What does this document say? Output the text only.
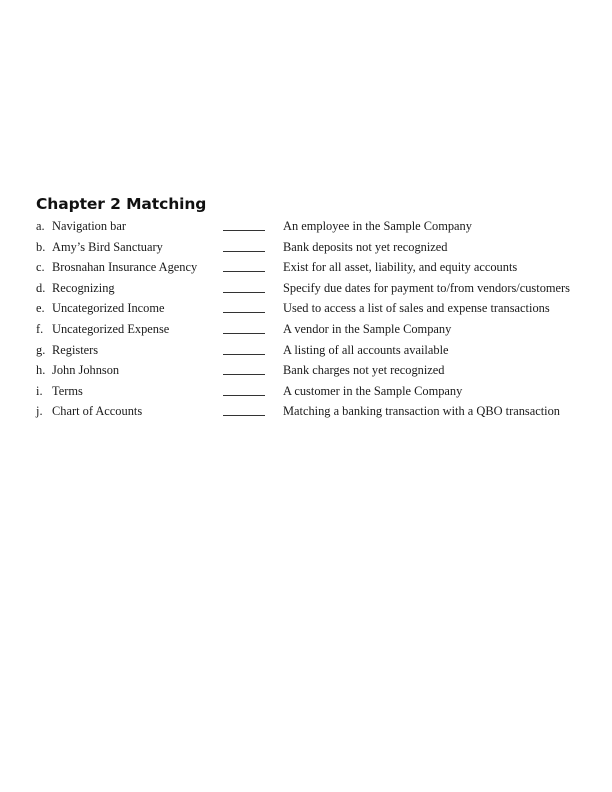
Chapter 2 Matching
a. Navigation bar	An employee in the Sample Company
b. Amy’s Bird Sanctuary	Bank deposits not yet recognized
c. Brosnahan Insurance Agency	Exist for all asset, liability, and equity accounts
d. Recognizing	Specify due dates for payment to/from vendors/customers
e. Uncategorized Income	Used to access a list of sales and expense transactions
f. Uncategorized Expense	A vendor in the Sample Company
g. Registers	A listing of all accounts available
h. John Johnson	Bank charges not yet recognized
i. Terms	A customer in the Sample Company
j. Chart of Accounts	Matching a banking transaction with a QBO transaction
